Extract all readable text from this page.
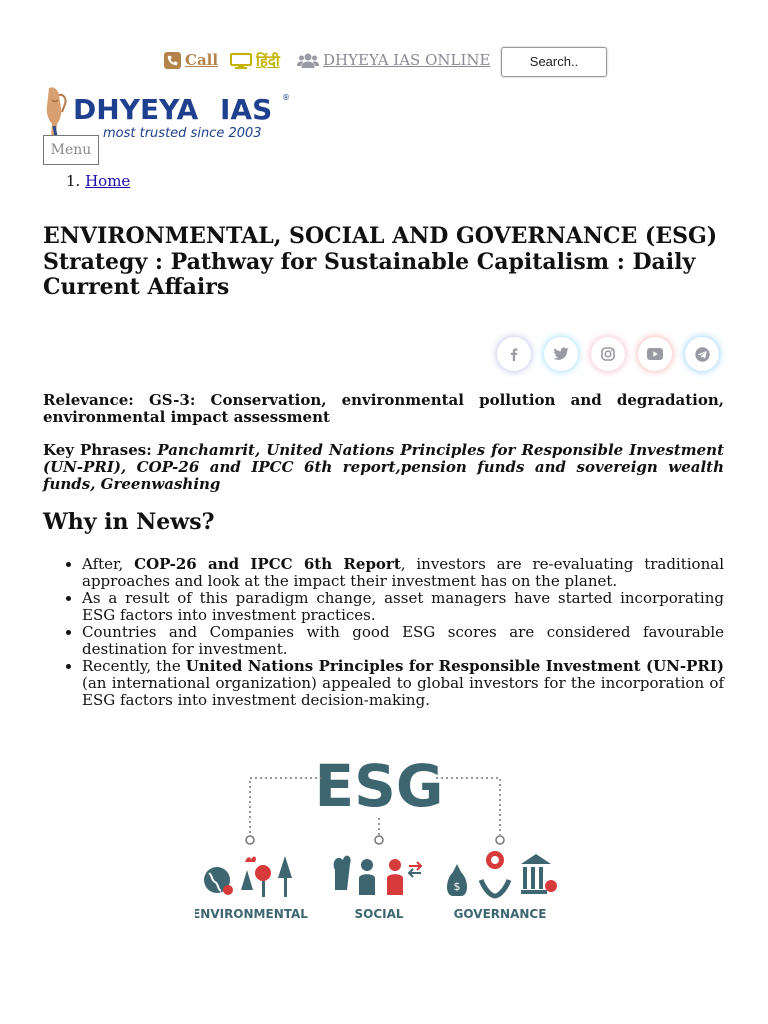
Call	हिंदी	DHYEYA IAS ONLINE	Search..
DHYEYA IAS ®
most trusted since 2003
Menu
1. Home
ENVIRONMENTAL, SOCIAL AND GOVERNANCE (ESG) Strategy : Pathway for Sustainable Capitalism : Daily Current Affairs

Relevance: GS-3: Conservation, environmental pollution and degradation, environmental impact assessment

Key Phrases: Panchamrit, United Nations Principles for Responsible Investment (UN-PRI), COP-26 and IPCC 6th report,pension funds and sovereign wealth funds, Greenwashing

Why in News?
• After, COP-26 and IPCC 6th Report, investors are re-evaluating traditional approaches and look at the impact their investment has on the planet.
• As a result of this paradigm change, asset managers have started incorporating ESG factors into investment practices.
• Countries and Companies with good ESG scores are considered favourable destination for investment.
• Recently, the United Nations Principles for Responsible Investment (UN-PRI) (an international organization) appealed to global investors for the incorporation of ESG factors into investment decision-making.
ESG
$
ENVIRONMENTAL	SOCIAL	GOVERNANCE
